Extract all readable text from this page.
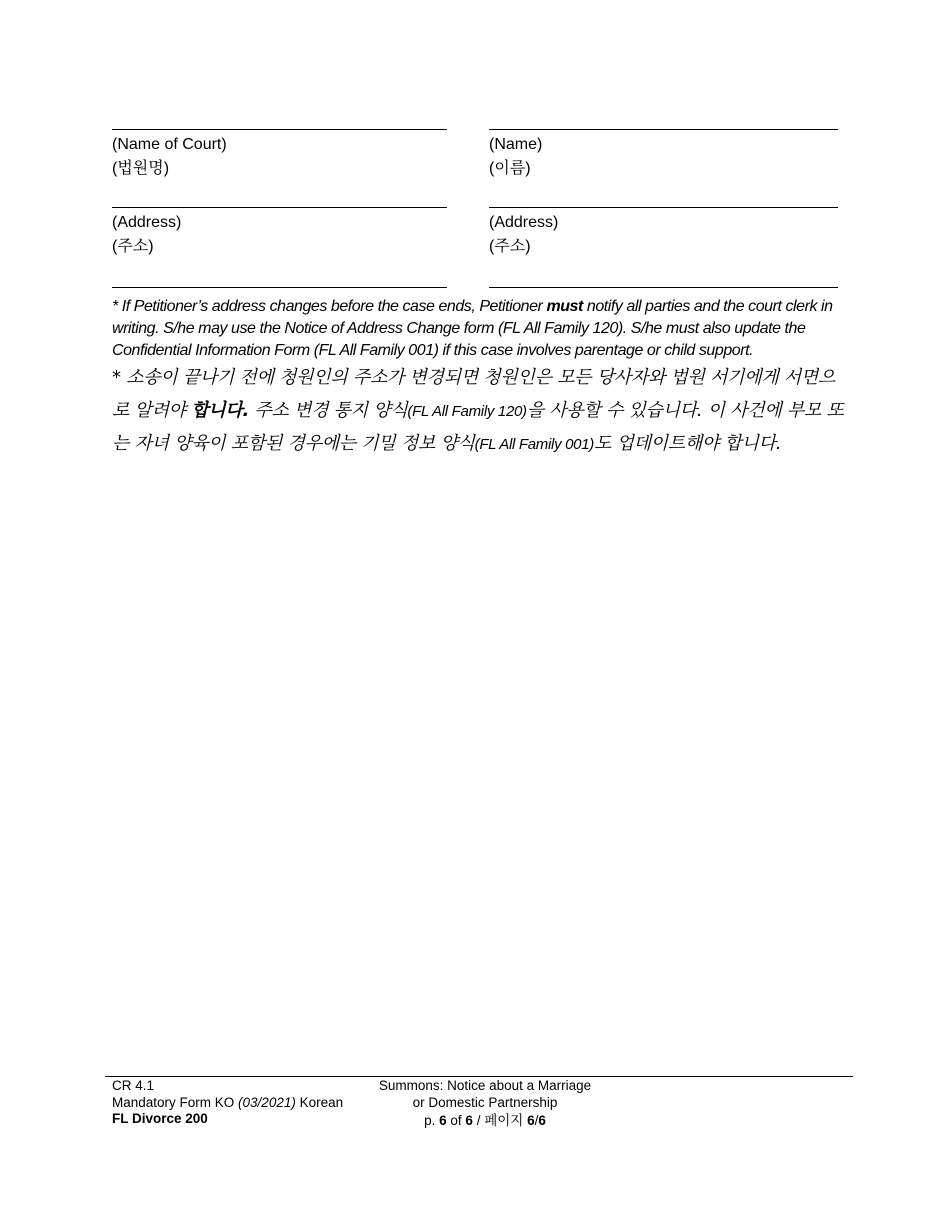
(Name of Court)
(법원명)
(Name)
(이름)
(Address)
(주소)
(Address)
(주소)
* If Petitioner’s address changes before the case ends, Petitioner must notify all parties and the court clerk in writing. S/he may use the Notice of Address Change form (FL All Family 120). S/he must also update the Confidential Information Form (FL All Family 001) if this case involves parentage or child support.
* 소송이 끝나기 전에 청원인의 주소가 변경되면 청원인은 모든 당사자와 법원 서기에게 서면으로 알려야 합니다. 주소 변경 통지 양식(FL All Family 120)을 사용할 수 있습니다. 이 사건에 부모 또는 자녀 양육이 포함된 경우에는 기밀 정보 양식(FL All Family 001)도 업데이트해야 합니다.
CR 4.1
Mandatory Form KO (03/2021) Korean
FL Divorce 200
Summons: Notice about a Marriage
or Domestic Partnership
p. 6 of 6 / 페이지 6/6
